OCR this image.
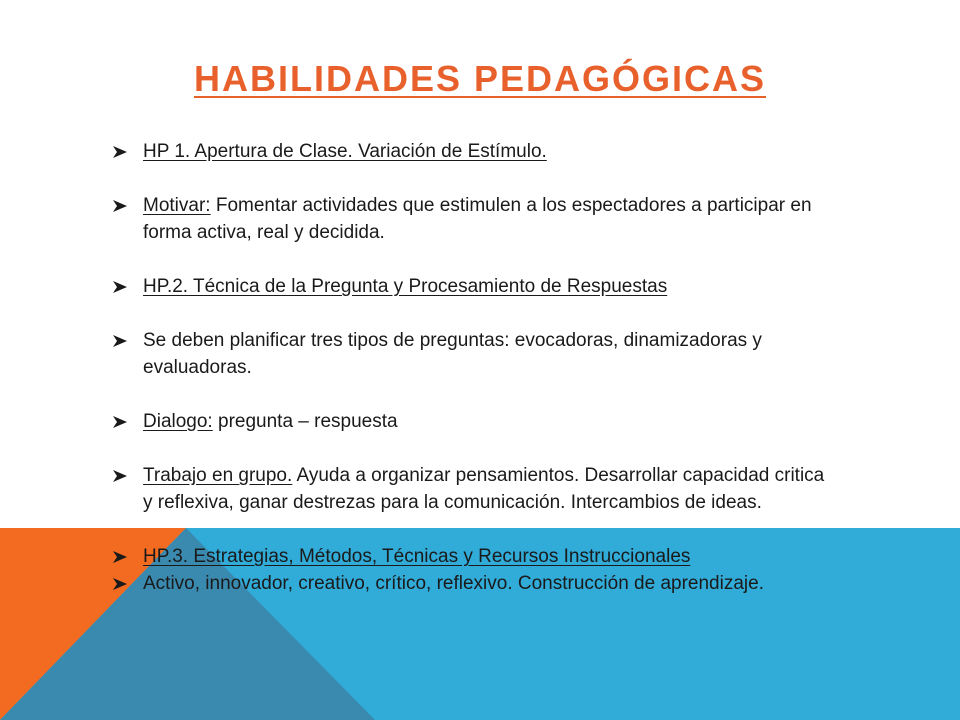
HABILIDADES PEDAGÓGICAS
HP 1. Apertura de Clase. Variación de Estímulo.
Motivar: Fomentar actividades que estimulen a los espectadores a participar en forma activa, real y decidida.
HP.2. Técnica de la Pregunta y Procesamiento de Respuestas
Se deben planificar tres tipos de preguntas: evocadoras, dinamizadoras y evaluadoras.
Dialogo: pregunta – respuesta
Trabajo en grupo. Ayuda a organizar pensamientos. Desarrollar capacidad critica y reflexiva, ganar destrezas para la comunicación. Intercambios de ideas.
HP.3. Estrategias, Métodos, Técnicas y Recursos Instruccionales
Activo, innovador, creativo, crítico, reflexivo. Construcción de aprendizaje.
